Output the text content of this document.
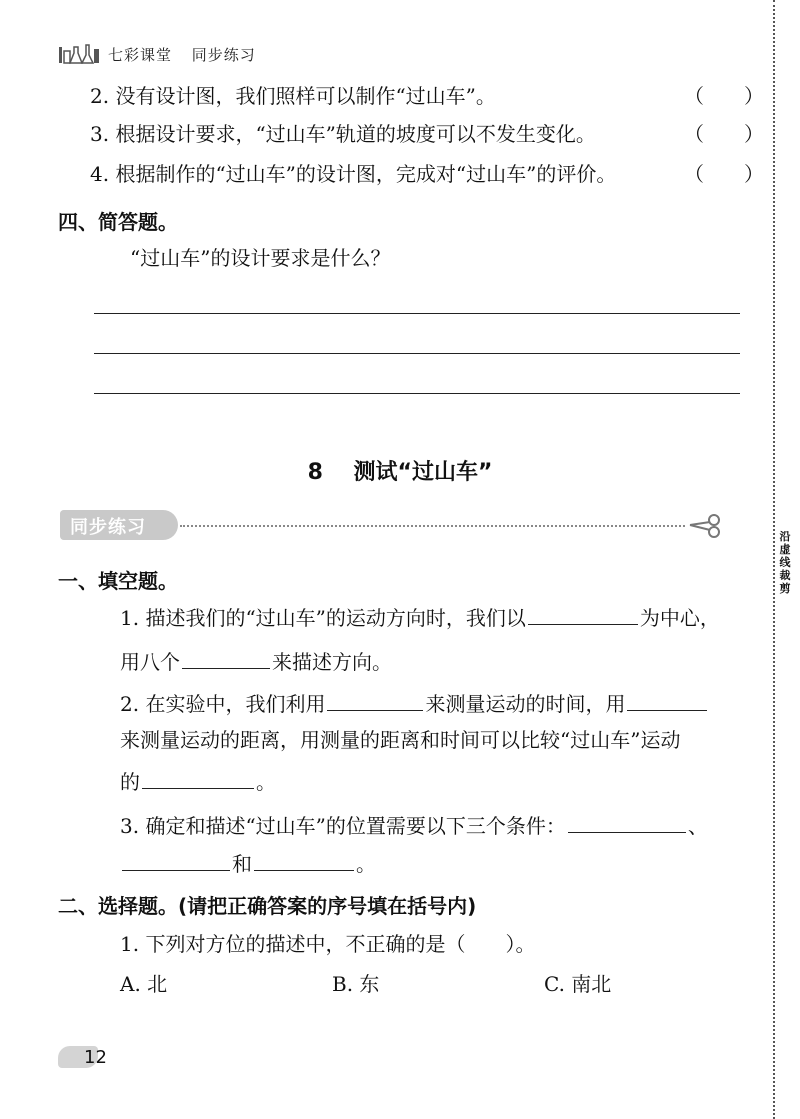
七彩课堂 同步练习
2. 没有设计图，我们照样可以制作“过山车”。	（　　）
3. 根据设计要求，“过山车”轨道的坡度可以不发生变化。	（　　）
4. 根据制作的“过山车”的设计图，完成对“过山车”的评价。	（　　）
四、简答题。
“过山车”的设计要求是什么？
8 测试“过山车”
同步练习	沿虚线裁剪
一、填空题。
1. 描述我们的“过山车”的运动方向时，我们以	为中心，
用八个	来描述方向。
2. 在实验中，我们利用	来测量运动的时间，用
来测量运动的距离，用测量的距离和时间可以比较“过山车”运动
的	。
3. 确定和描述“过山车”的位置需要以下三个条件：	、
和	。
二、选择题。(请把正确答案的序号填在括号内)
1. 下列对方位的描述中，不正确的是（　　）。
A. 北	B. 东	C. 南北
12
